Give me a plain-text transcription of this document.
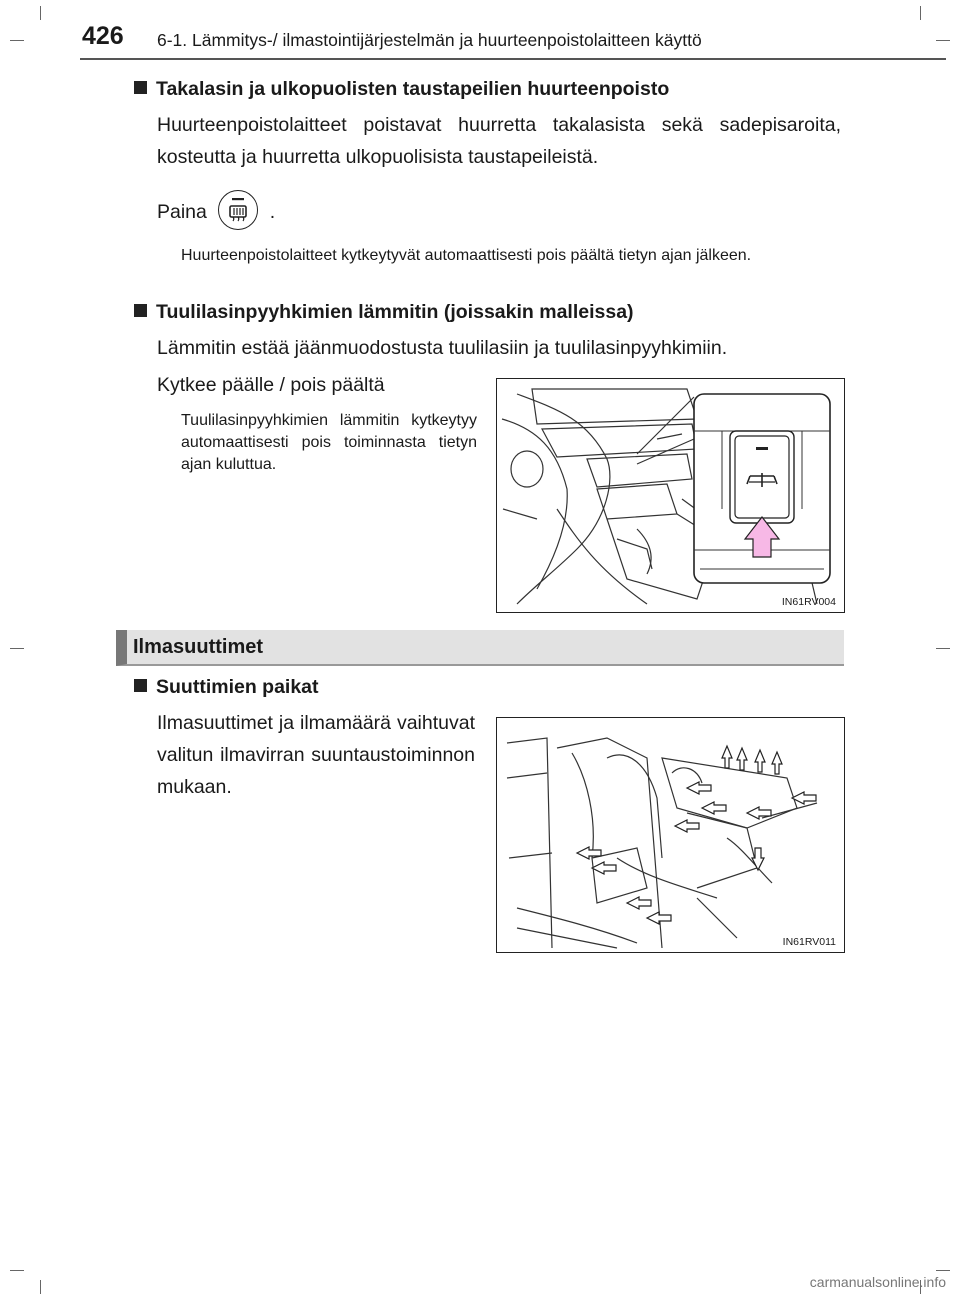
426 6-1. Lämmitys-/ ilmastointijärjestelmän ja huurteenpoistolaitteen käyttö
Takalasin ja ulkopuolisten taustapeilien huurteenpoisto
Huurteenpoistolaitteet poistavat huurretta takalasista sekä sadepisaroita, kosteutta ja huurretta ulkopuolisista taustapeileistä.
Paina	.
Huurteenpoistolaitteet kytkeytyvät automaattisesti pois päältä tietyn ajan jälkeen.
Tuulilasinpyyhkimien lämmitin (joissakin malleissa)
Lämmitin estää jäänmuodostusta tuulilasiin ja tuulilasinpyyhkimiin.
Kytkee päälle / pois päältä
Tuulilasinpyyhkimien lämmitin kytkeytyy automaattisesti pois toiminnasta tietyn ajan kuluttua.
IN61RV004
Ilmasuuttimet
Suuttimien paikat
Ilmasuuttimet ja ilmamäärä vaihtuvat valitun ilmavirran suuntaustoiminnon mukaan.
IN61RV011
carmanualsonline.info
